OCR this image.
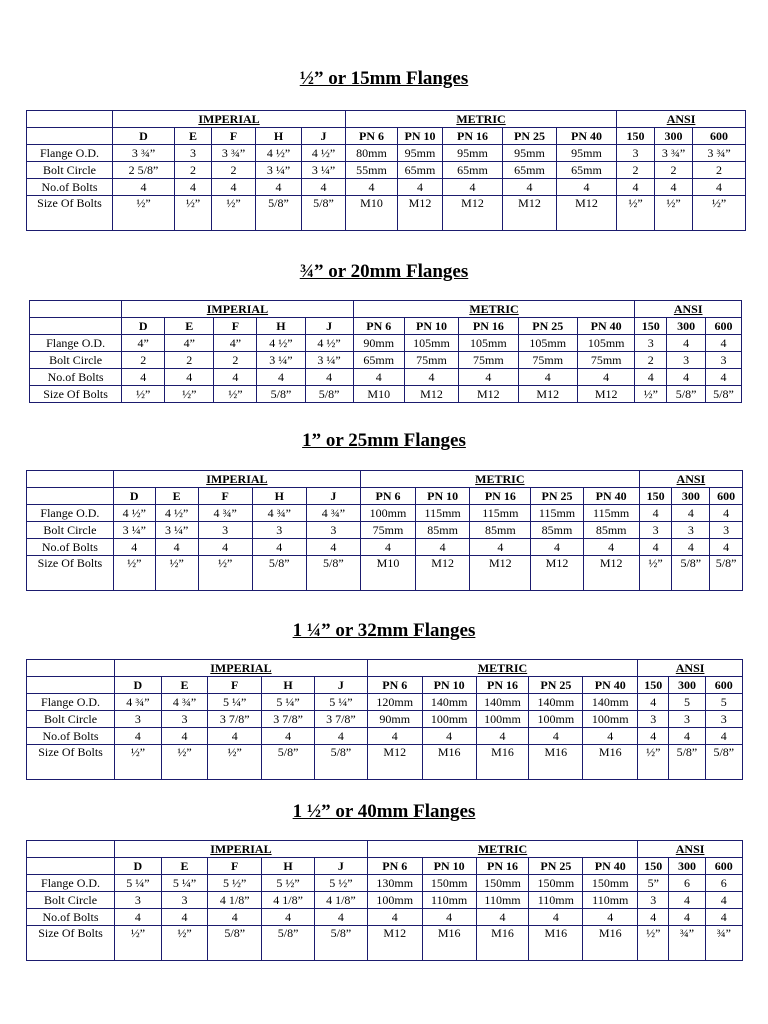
½” or 15mm Flanges
	IMPERIAL					METRIC					ANSI		
	D	E	F	H	J	PN 6	PN 10	PN 16	PN 25	PN 40	150	300	600
Flange O.D.	3 ¾”	3	3 ¾”	4 ½”	4 ½”	80mm	95mm	95mm	95mm	95mm	3	3 ¾”	3 ¾”
Bolt Circle	2 5/8”	2	2	3 ¼”	3 ¼”	55mm	65mm	65mm	65mm	65mm	2	2	2
No.of Bolts	4	4	4	4	4	4	4	4	4	4	4	4	4
Size Of Bolts	½”	½”	½”	5/8”	5/8”	M10	M12	M12	M12	M12	½”	½”	½”
¾” or 20mm Flanges
	IMPERIAL					METRIC					ANSI		
	D	E	F	H	J	PN 6	PN 10	PN 16	PN 25	PN 40	150	300	600
Flange O.D.	4”	4”	4”	4 ½”	4 ½”	90mm	105mm	105mm	105mm	105mm	3	4	4
Bolt Circle	2	2	2	3 ¼”	3 ¼”	65mm	75mm	75mm	75mm	75mm	2	3	3
No.of Bolts	4	4	4	4	4	4	4	4	4	4	4	4	4
Size Of Bolts	½”	½”	½”	5/8”	5/8”	M10	M12	M12	M12	M12	½”	5/8”	5/8”
1” or 25mm Flanges
	IMPERIAL					METRIC					ANSI		
	D	E	F	H	J	PN 6	PN 10	PN 16	PN 25	PN 40	150	300	600
Flange O.D.	4 ½”	4 ½”	4 ¾”	4 ¾”	4 ¾”	100mm	115mm	115mm	115mm	115mm	4	4	4
Bolt Circle	3 ¼”	3 ¼”	3	3	3	75mm	85mm	85mm	85mm	85mm	3	3	3
No.of Bolts	4	4	4	4	4	4	4	4	4	4	4	4	4
Size Of Bolts	½”	½”	½”	5/8”	5/8”	M10	M12	M12	M12	M12	½”	5/8”	5/8”
1 ¼” or 32mm Flanges
	IMPERIAL					METRIC					ANSI		
	D	E	F	H	J	PN 6	PN 10	PN 16	PN 25	PN 40	150	300	600
Flange O.D.	4 ¾”	4 ¾”	5 ¼”	5 ¼”	5 ¼”	120mm	140mm	140mm	140mm	140mm	4	5	5
Bolt Circle	3	3	3 7/8”	3 7/8”	3 7/8”	90mm	100mm	100mm	100mm	100mm	3	3	3
No.of Bolts	4	4	4	4	4	4	4	4	4	4	4	4	4
Size Of Bolts	½”	½”	½”	5/8”	5/8”	M12	M16	M16	M16	M16	½”	5/8”	5/8”
1 ½” or 40mm Flanges
	IMPERIAL					METRIC					ANSI		
	D	E	F	H	J	PN 6	PN 10	PN 16	PN 25	PN 40	150	300	600
Flange O.D.	5 ¼”	5 ¼”	5 ½”	5 ½”	5 ½”	130mm	150mm	150mm	150mm	150mm	5”	6	6
Bolt Circle	3	3	4 1/8”	4 1/8”	4 1/8”	100mm	110mm	110mm	110mm	110mm	3	4	4
No.of Bolts	4	4	4	4	4	4	4	4	4	4	4	4	4
Size Of Bolts	½”	½”	5/8”	5/8”	5/8”	M12	M16	M16	M16	M16	½”	¾”	¾”
